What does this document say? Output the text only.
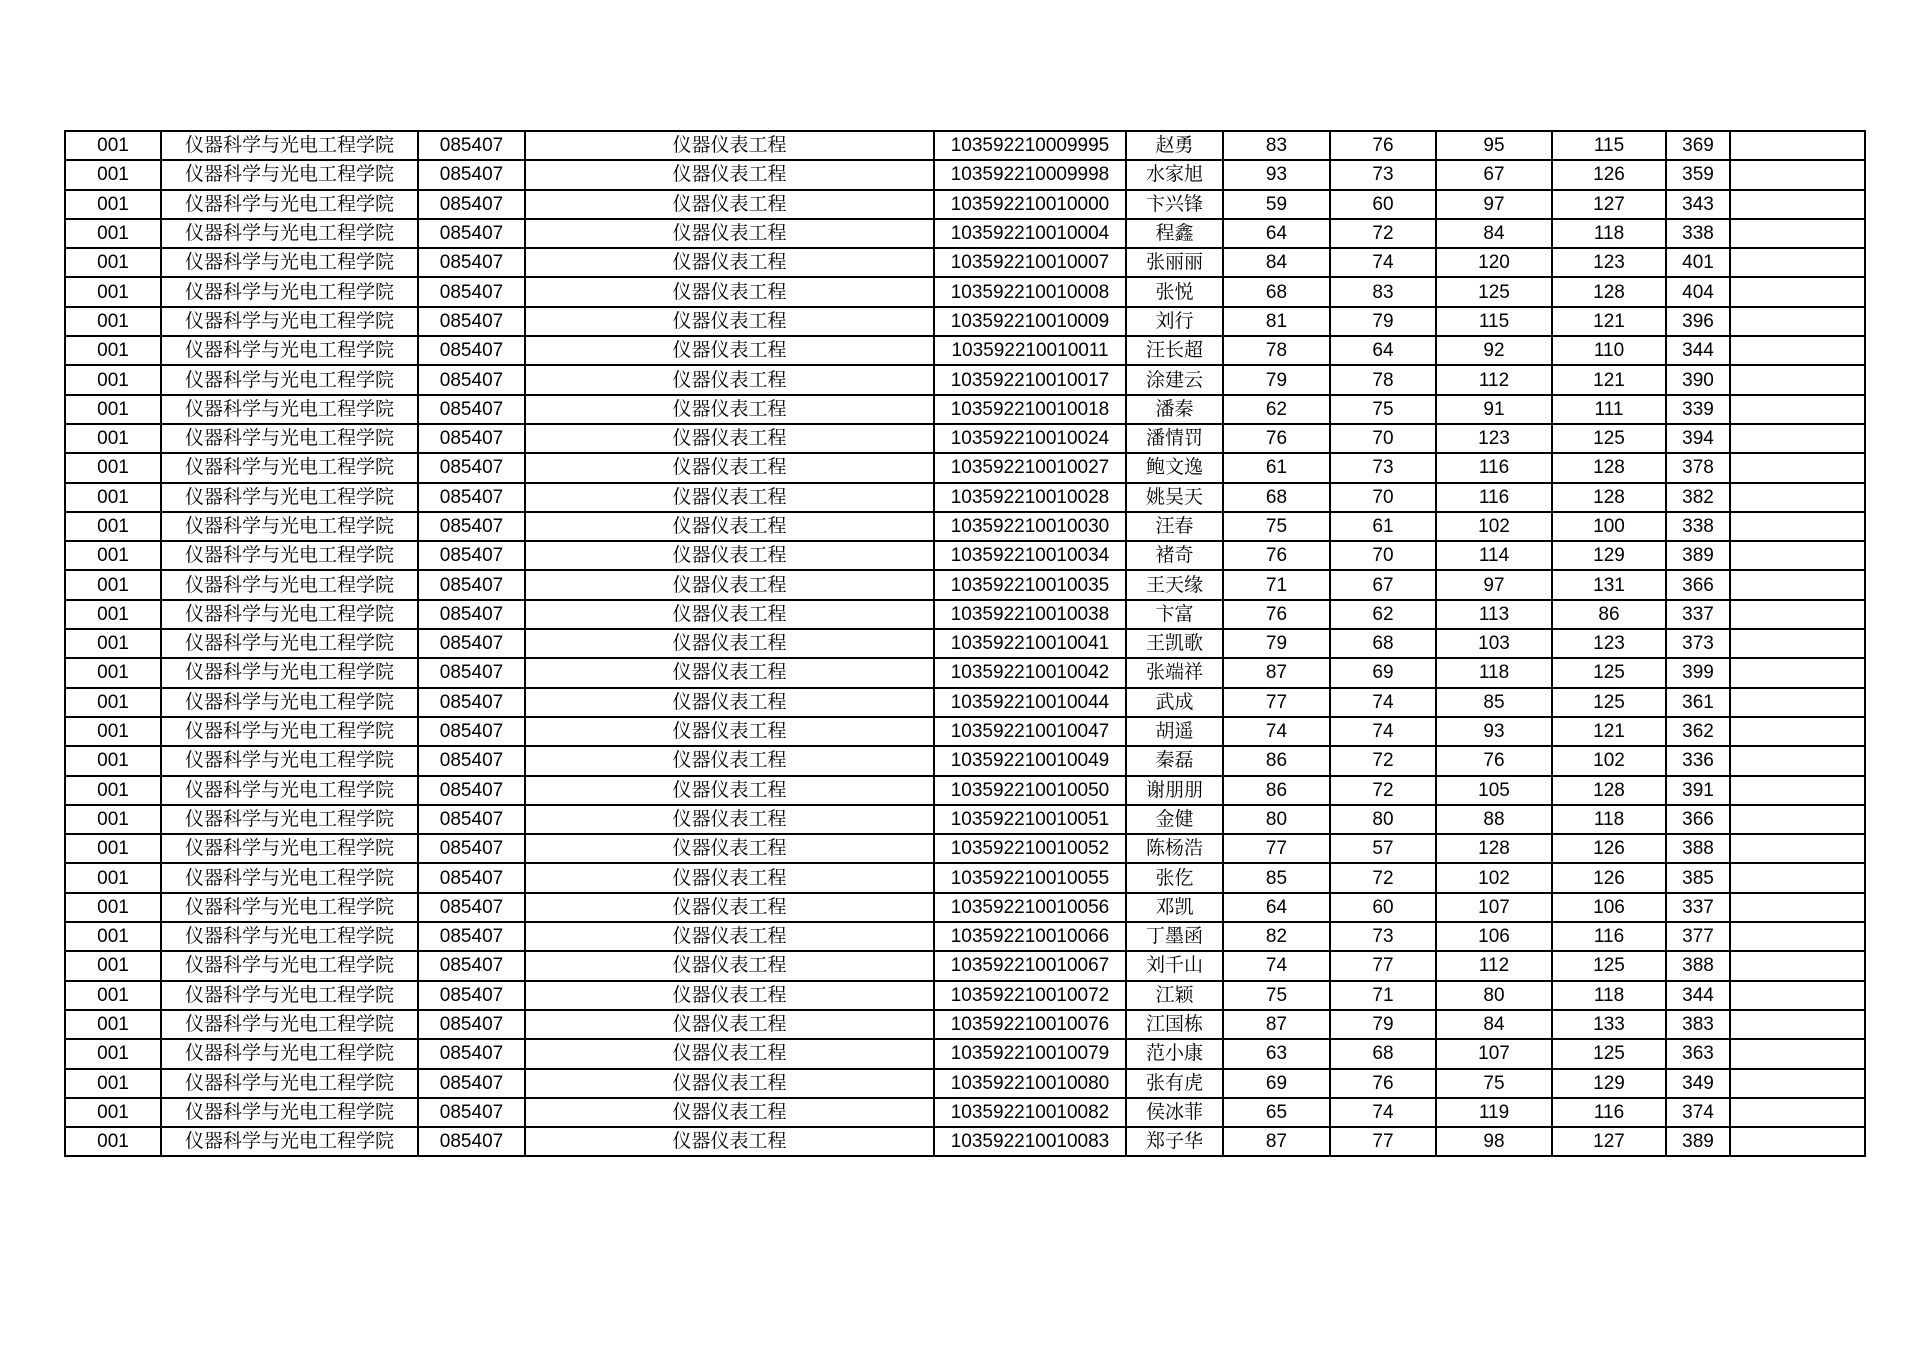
001	仪器科学与光电工程学院	085407	仪器仪表工程	103592210009995	赵勇	83	76	95	115	369	
001	仪器科学与光电工程学院	085407	仪器仪表工程	103592210009998	水家旭	93	73	67	126	359	
001	仪器科学与光电工程学院	085407	仪器仪表工程	103592210010000	卞兴锋	59	60	97	127	343	
001	仪器科学与光电工程学院	085407	仪器仪表工程	103592210010004	程鑫	64	72	84	118	338	
001	仪器科学与光电工程学院	085407	仪器仪表工程	103592210010007	张丽丽	84	74	120	123	401	
001	仪器科学与光电工程学院	085407	仪器仪表工程	103592210010008	张悦	68	83	125	128	404	
001	仪器科学与光电工程学院	085407	仪器仪表工程	103592210010009	刘行	81	79	115	121	396	
001	仪器科学与光电工程学院	085407	仪器仪表工程	103592210010011	汪长超	78	64	92	110	344	
001	仪器科学与光电工程学院	085407	仪器仪表工程	103592210010017	涂建云	79	78	112	121	390	
001	仪器科学与光电工程学院	085407	仪器仪表工程	103592210010018	潘秦	62	75	91	111	339	
001	仪器科学与光电工程学院	085407	仪器仪表工程	103592210010024	潘情罚	76	70	123	125	394	
001	仪器科学与光电工程学院	085407	仪器仪表工程	103592210010027	鲍文逸	61	73	116	128	378	
001	仪器科学与光电工程学院	085407	仪器仪表工程	103592210010028	姚吴天	68	70	116	128	382	
001	仪器科学与光电工程学院	085407	仪器仪表工程	103592210010030	汪春	75	61	102	100	338	
001	仪器科学与光电工程学院	085407	仪器仪表工程	103592210010034	褚奇	76	70	114	129	389	
001	仪器科学与光电工程学院	085407	仪器仪表工程	103592210010035	王天缘	71	67	97	131	366	
001	仪器科学与光电工程学院	085407	仪器仪表工程	103592210010038	卞富	76	62	113	86	337	
001	仪器科学与光电工程学院	085407	仪器仪表工程	103592210010041	王凯歌	79	68	103	123	373	
001	仪器科学与光电工程学院	085407	仪器仪表工程	103592210010042	张端祥	87	69	118	125	399	
001	仪器科学与光电工程学院	085407	仪器仪表工程	103592210010044	武成	77	74	85	125	361	
001	仪器科学与光电工程学院	085407	仪器仪表工程	103592210010047	胡遥	74	74	93	121	362	
001	仪器科学与光电工程学院	085407	仪器仪表工程	103592210010049	秦磊	86	72	76	102	336	
001	仪器科学与光电工程学院	085407	仪器仪表工程	103592210010050	谢朋朋	86	72	105	128	391	
001	仪器科学与光电工程学院	085407	仪器仪表工程	103592210010051	金健	80	80	88	118	366	
001	仪器科学与光电工程学院	085407	仪器仪表工程	103592210010052	陈杨浩	77	57	128	126	388	
001	仪器科学与光电工程学院	085407	仪器仪表工程	103592210010055	张仡	85	72	102	126	385	
001	仪器科学与光电工程学院	085407	仪器仪表工程	103592210010056	邓凯	64	60	107	106	337	
001	仪器科学与光电工程学院	085407	仪器仪表工程	103592210010066	丁墨函	82	73	106	116	377	
001	仪器科学与光电工程学院	085407	仪器仪表工程	103592210010067	刘千山	74	77	112	125	388	
001	仪器科学与光电工程学院	085407	仪器仪表工程	103592210010072	江颖	75	71	80	118	344	
001	仪器科学与光电工程学院	085407	仪器仪表工程	103592210010076	江国栋	87	79	84	133	383	
001	仪器科学与光电工程学院	085407	仪器仪表工程	103592210010079	范小康	63	68	107	125	363	
001	仪器科学与光电工程学院	085407	仪器仪表工程	103592210010080	张有虎	69	76	75	129	349	
001	仪器科学与光电工程学院	085407	仪器仪表工程	103592210010082	侯冰菲	65	74	119	116	374	
001	仪器科学与光电工程学院	085407	仪器仪表工程	103592210010083	郑子华	87	77	98	127	389	
